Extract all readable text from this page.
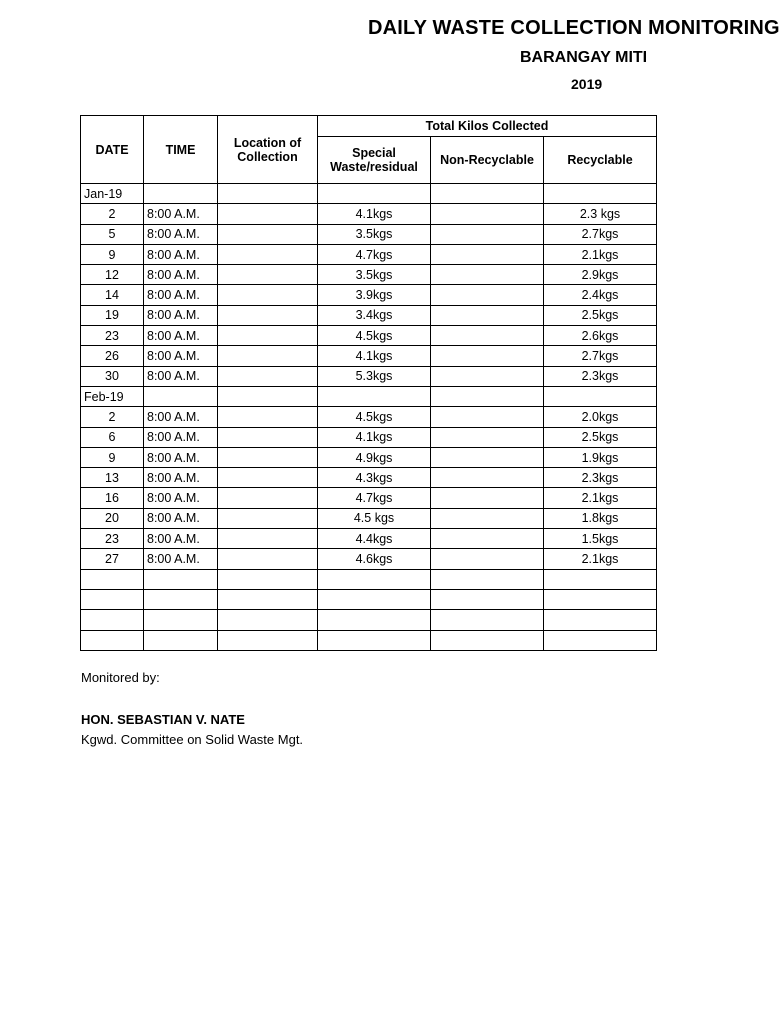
DAILY WASTE COLLECTION MONITORING
BARANGAY MITI
2019
DATE	TIME	Location of Collection	Total Kilos Collected		
			Special Waste/residual	Non-Recyclable	Recyclable
Jan-19					
2	8:00 A.M.		4.1kgs		2.3 kgs
5	8:00 A.M.		3.5kgs		2.7kgs
9	8:00 A.M.		4.7kgs		2.1kgs
12	8:00 A.M.		3.5kgs		2.9kgs
14	8:00 A.M.		3.9kgs		2.4kgs
19	8:00 A.M.		3.4kgs		2.5kgs
23	8:00 A.M.		4.5kgs		2.6kgs
26	8:00 A.M.		4.1kgs		2.7kgs
30	8:00 A.M.		5.3kgs		2.3kgs
Feb-19					
2	8:00 A.M.		4.5kgs		2.0kgs
6	8:00 A.M.		4.1kgs		2.5kgs
9	8:00 A.M.		4.9kgs		1.9kgs
13	8:00 A.M.		4.3kgs		2.3kgs
16	8:00 A.M.		4.7kgs		2.1kgs
20	8:00 A.M.		4.5 kgs		1.8kgs
23	8:00 A.M.		4.4kgs		1.5kgs
27	8:00 A.M.		4.6kgs		2.1kgs

Monitored by:
HON. SEBASTIAN V. NATE
Kgwd. Committee on Solid Waste Mgt.
